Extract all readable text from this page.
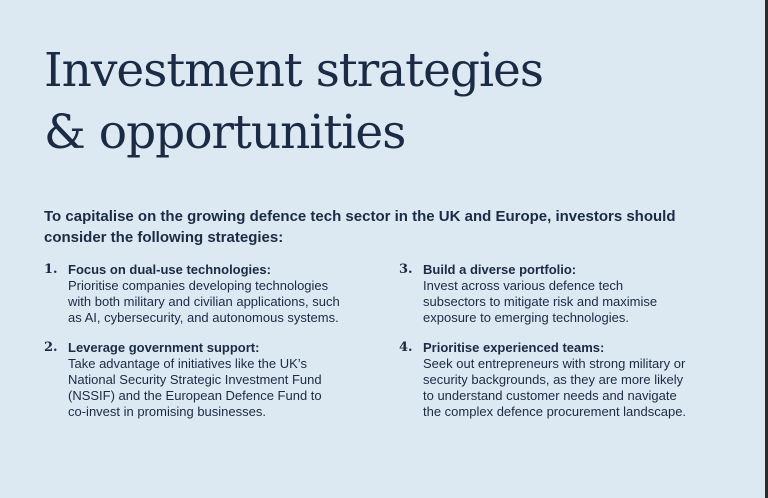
Investment strategies
& opportunities

To capitalise on the growing defence tech sector in the UK and Europe, investors should consider the following strategies:

1. Focus on dual-use technologies:
Prioritise companies developing technologies
with both military and civilian applications, such
as AI, cybersecurity, and autonomous systems.
2. Leverage government support:
Take advantage of initiatives like the UK’s
National Security Strategic Investment Fund
(NSSIF) and the European Defence Fund to
co-invest in promising businesses.
3. Build a diverse portfolio:
Invest across various defence tech
subsectors to mitigate risk and maximise
exposure to emerging technologies.
4. Prioritise experienced teams:
Seek out entrepreneurs with strong military or
security backgrounds, as they are more likely
to understand customer needs and navigate
the complex defence procurement landscape.
